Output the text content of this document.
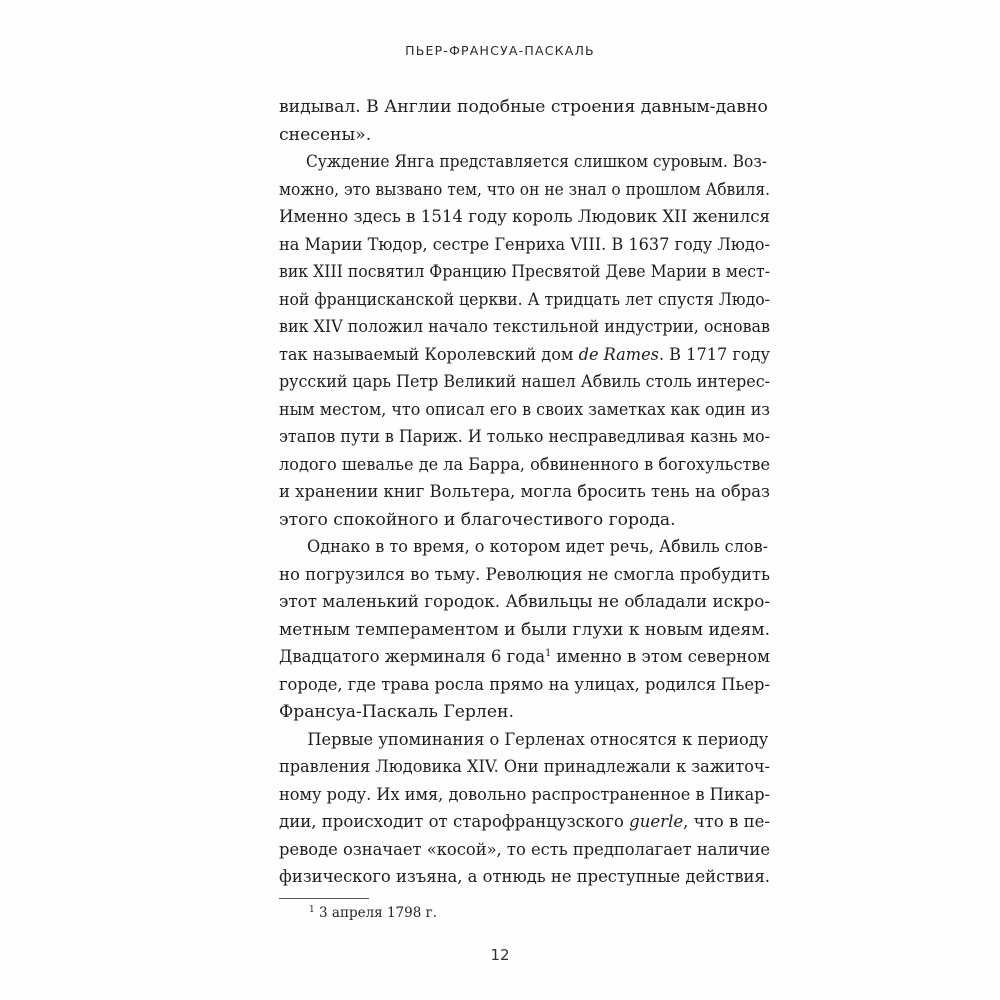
ПЬЕР-ФРАНСУА-ПАСКАЛЬ
видывал. В Англии подобные строения давным-давно
снесены».
Суждение Янга представляется слишком суровым. Воз-
можно, это вызвано тем, что он не знал о прошлом Абвиля.
Именно здесь в 1514 году король Людовик XII женился
на Марии Тюдор, сестре Генриха VIII. В 1637 году Людо-
вик XIII посвятил Францию Пресвятой Деве Марии в мест-
ной францисканской церкви. А тридцать лет спустя Людо-
вик XIV положил начало текстильной индустрии, основав
так называемый Королевский дом de Rames. В 1717 году
русский царь Петр Великий нашел Абвиль столь интерес-
ным местом, что описал его в своих заметках как один из
этапов пути в Париж. И только несправедливая казнь мо-
лодого шевалье де ла Барра, обвиненного в богохульстве
и хранении книг Вольтера, могла бросить тень на образ
этого спокойного и благочестивого города.
Однако в то время, о котором идет речь, Абвиль слов-
но погрузился во тьму. Революция не смогла пробудить
этот маленький городок. Абвильцы не обладали искро-
метным темпераментом и были глухи к новым идеям.
Двадцатого жерминаля 6 года$^1$ именно в этом северном
городе, где трава росла прямо на улицах, родился Пьер-
Франсуа-Паскаль Герлен.
Первые упоминания о Герленах относятся к периоду
правления Людовика XIV. Они принадлежали к зажиточ-
ному роду. Их имя, довольно распространенное в Пикар-
дии, происходит от старофранцузского guerle, что в пе-
реводе означает «косой», то есть предполагает наличие
физического изъяна, а отнюдь не преступные действия.
$^1$ 3 апреля 1798 г.
12
